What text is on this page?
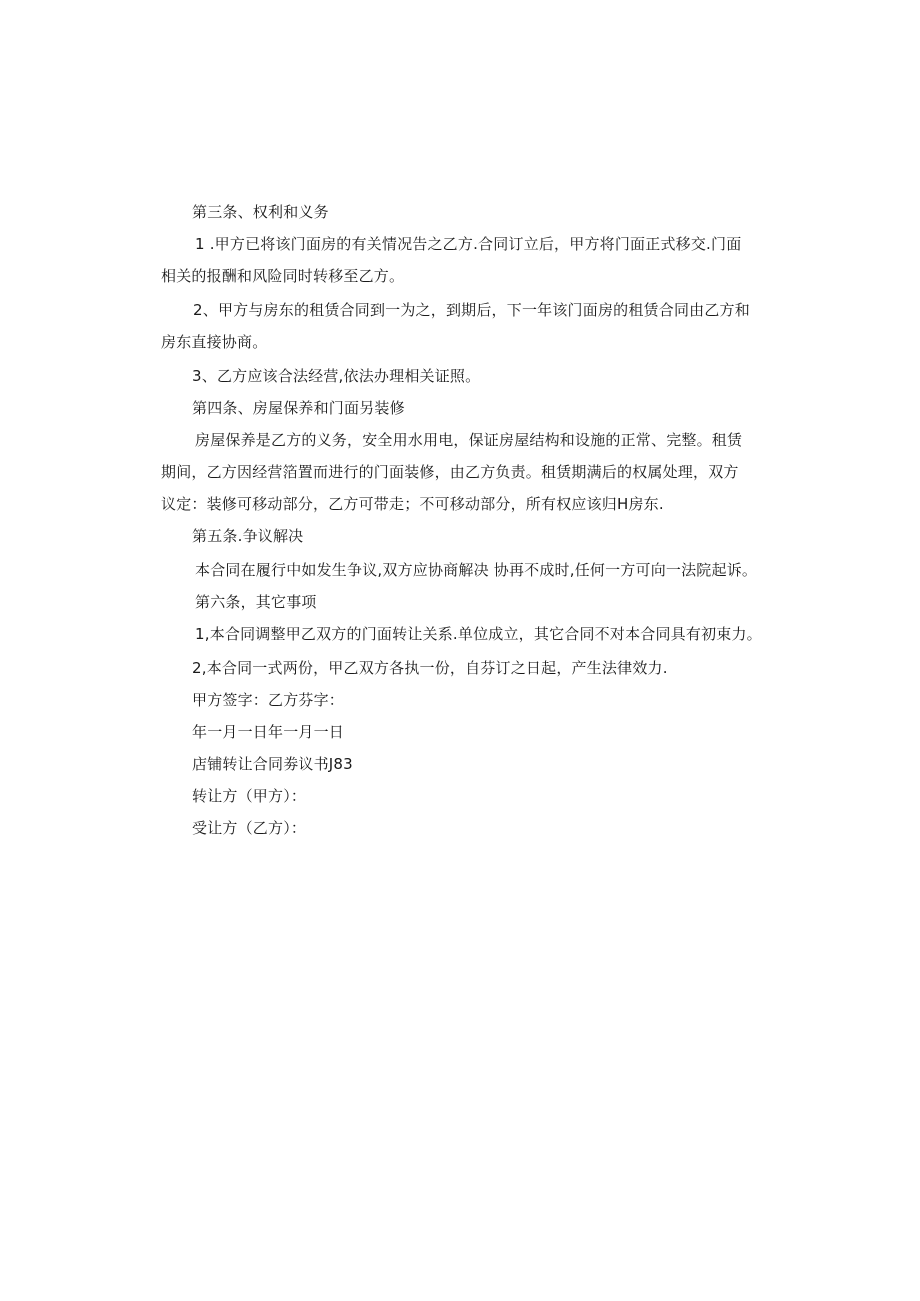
第三条、权利和义务
1 .甲方已将该门面房的有关情况告之乙方.合同订立后，甲方将门面正式移交.门面
相关的报酬和风险同时转移至乙方。
2、甲方与房东的租赁合同到一为之，到期后，下一年该门面房的租赁合同由乙方和
房东直接协商。
3、乙方应该合法经营,依法办理相关证照。
第四条、房屋保养和门面另装修
房屋保养是乙方的义务，安全用水用电，保证房屋结构和设施的正常、完整。租赁
期间，乙方因经营箔置而进行的门面装修，由乙方负责。租赁期满后的权属处理，双方
议定：装修可移动部分，乙方可带走；不可移动部分，所有权应该归H房东.
第五条.争议解决
本合同在履行中如发生争议,双方应协商解决 协再不成时,任何一方可向一法院起诉。
第六条，其它事项
1,本合同调整甲乙双方的门面转让关系.单位成立，其它合同不对本合同具有初束力。
2,本合同一式两份，甲乙双方各执一份，自芬订之日起，产生法律效力.
甲方签字：乙方芬字：
年一月一日年一月一日
店铺转让合同劵议书J83
转让方（甲方）：
受让方（乙方）：
